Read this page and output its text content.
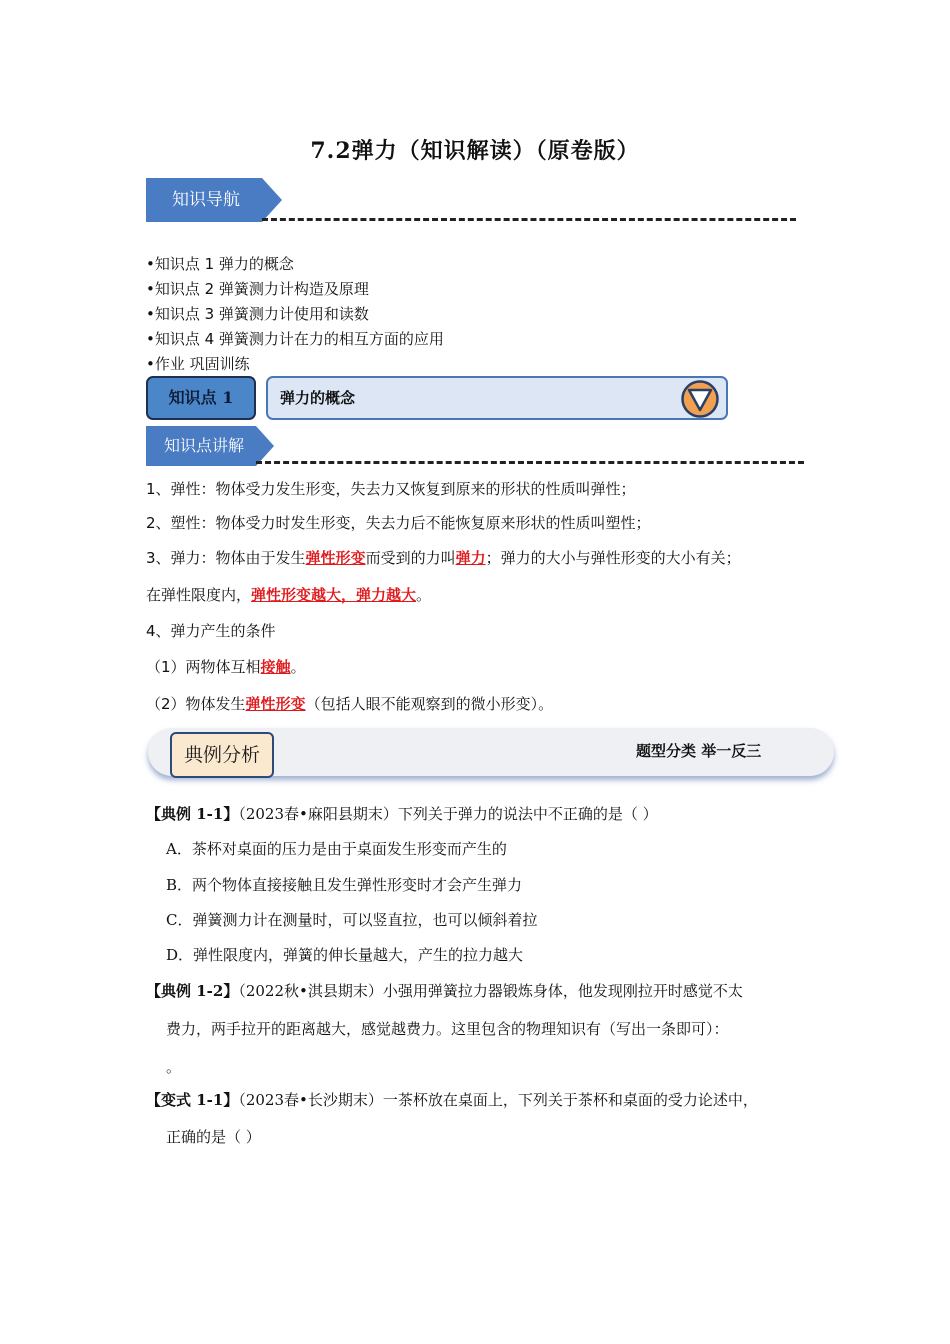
7.2弹力（知识解读）（原卷版）
知识导航
•知识点 1 弹力的概念
•知识点 2 弹簧测力计构造及原理
•知识点 3 弹簧测力计使用和读数
•知识点 4 弹簧测力计在力的相互方面的应用
•作业 巩固训练
知识点 1	弹力的概念
知识点讲解
1、弹性：物体受力发生形变，失去力又恢复到原来的形状的性质叫弹性；
2、塑性：物体受力时发生形变，失去力后不能恢复原来形状的性质叫塑性；
3、弹力：物体由于发生弹性形变而受到的力叫弹力；弹力的大小与弹性形变的大小有关；
在弹性限度内，弹性形变越大，弹力越大。
4、弹力产生的条件
（1）两物体互相接触。
（2）物体发生弹性形变（包括人眼不能观察到的微小形变）。
典例分析	题型分类 举一反三
【典例 1-1】（2023春•麻阳县期末）下列关于弹力的说法中不正确的是（ ）
A．茶杯对桌面的压力是由于桌面发生形变而产生的
B．两个物体直接接触且发生弹性形变时才会产生弹力
C．弹簧测力计在测量时，可以竖直拉，也可以倾斜着拉
D．弹性限度内，弹簧的伸长量越大，产生的拉力越大
【典例 1-2】（2022秋•淇县期末）小强用弹簧拉力器锻炼身体，他发现刚拉开时感觉不太
费力，两手拉开的距离越大，感觉越费力。这里包含的物理知识有（写出一条即可）：
。
【变式 1-1】（2023春•长沙期末）一茶杯放在桌面上，下列关于茶杯和桌面的受力论述中，
正确的是（ ）
